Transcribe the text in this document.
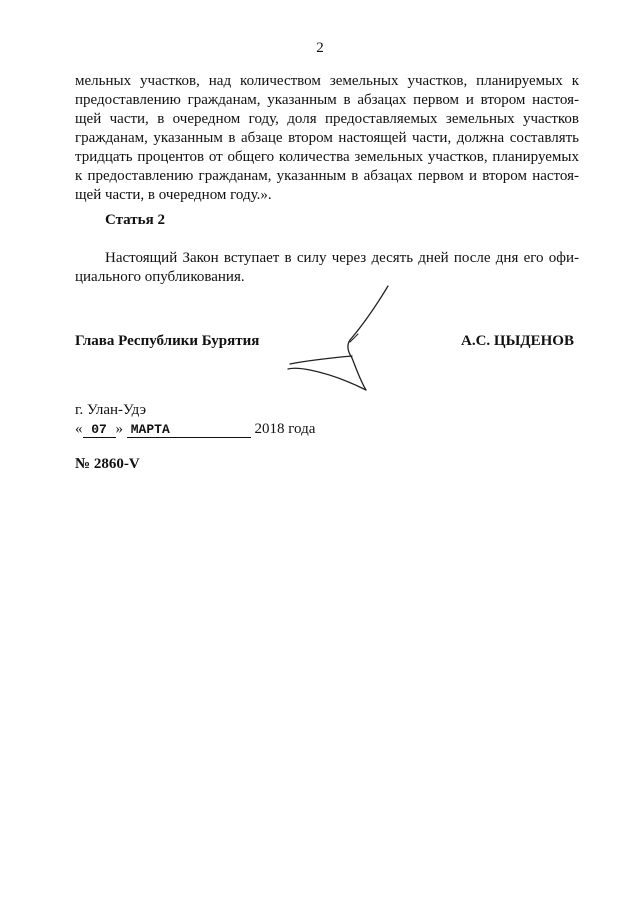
2
мельных участков, над количеством земельных участков, планируемых к
предоставлению гражданам, указанным в абзацах первом и втором настоя-
щей части, в очередном году, доля предоставляемых земельных участков
гражданам, указанным в абзаце втором настоящей части, должна составлять
тридцать процентов от общего количества земельных участков, планируемых
к предоставлению гражданам, указанным в абзацах первом и втором настоя-
щей части, в очередном году.».
Статья 2
Настоящий Закон вступает в силу через десять дней после дня его офи-
циального опубликования.
Глава Республики Бурятия	А.С. ЦЫДЕНОВ
г. Улан-Удэ
« 07 » МАРТА	2018 года
№ 2860-V
